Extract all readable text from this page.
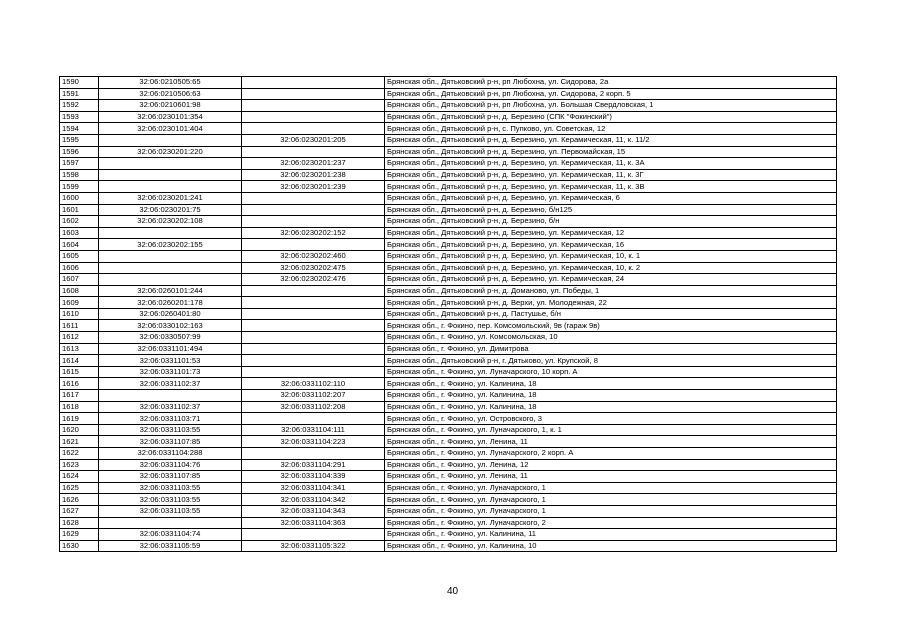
1590	32:06:0210505:65		Брянская обл., Дятьковский р-н, рп Любохна, ул. Сидорова, 2а
1591	32:06:0210506:63		Брянская обл., Дятьковский р-н, рп Любохна, ул. Сидорова, 2 корп. 5
1592	32:06:0210601:98		Брянская обл., Дятьковский р-н, рп Любохна, ул. Большая Свердловская, 1
1593	32:06:0230101:354		Брянская обл., Дятьковский р-н, д. Березино (СПК "Фокинский")
1594	32:06:0230101:404		Брянская обл., Дятьковский р-н, с. Пупково, ул. Советская, 12
1595		32:06:0230201:205	Брянская обл., Дятьковский р-н, д. Березино, ул. Керамическая, 11, к. 11/2
1596	32:06:0230201:220		Брянская обл., Дятьковский р-н, д. Березино, ул. Первомайская, 15
1597		32:06:0230201:237	Брянская обл., Дятьковский р-н, д. Березино, ул. Керамическая, 11, к. 3А
1598		32:06:0230201:238	Брянская обл., Дятьковский р-н, д. Березино, ул. Керамическая, 11, к. 3Г
1599		32:06:0230201:239	Брянская обл., Дятьковский р-н, д. Березино, ул. Керамическая, 11, к. 3В
1600	32:06:0230201:241		Брянская обл., Дятьковский р-н, д. Березино, ул. Керамическая, 6
1601	32:06:0230201:75		Брянская обл., Дятьковский р-н, д. Березино, б/н125
1602	32:06:0230202:108		Брянская обл., Дятьковский р-н, д. Березино, б/н
1603		32:06:0230202:152	Брянская обл., Дятьковский р-н, д. Березино, ул. Керамическая, 12
1604	32:06:0230202:155		Брянская обл., Дятьковский р-н, д. Березино, ул. Керамическая, 16
1605		32:06:0230202:460	Брянская обл., Дятьковский р-н, д. Березино, ул. Керамическая, 10, к. 1
1606		32:06:0230202:475	Брянская обл., Дятьковский р-н, д. Березино, ул. Керамическая, 10, к. 2
1607		32:06:0230202:476	Брянская обл., Дятьковский р-н, д. Березино, ул. Керамическая, 24
1608	32:06:0260101:244		Брянская обл., Дятьковский р-н, д. Доманово, ул. Победы, 1
1609	32:06:0260201:178		Брянская обл., Дятьковский р-н, д. Верхи, ул. Молодежная, 22
1610	32:06:0260401:80		Брянская обл., Дятьковский р-н, д. Пастушье, б/н
1611	32:06:0330102:163		Брянская обл., г. Фокино, пер. Комсомольский, 9в (гараж 9в)
1612	32:06:0330507:99		Брянская обл., г. Фокино, ул. Комсомольская, 10
1613	32:06:0331101:494		Брянская обл., г. Фокино, ул. Димитрова
1614	32:06:0331101:53		Брянская обл., Дятьковский р-н, г. Дятьково, ул. Крупской, 8
1615	32:06:0331101:73		Брянская обл., г. Фокино, ул. Луначарского, 10 корп. А
1616	32:06:0331102:37	32:06:0331102:110	Брянская обл., г. Фокино, ул. Калинина, 18
1617		32:06:0331102:207	Брянская обл., г. Фокино, ул. Калинина, 18
1618	32:06:0331102:37	32:06:0331102:208	Брянская обл., г. Фокино, ул. Калинина, 18
1619	32:06:0331103:71		Брянская обл., г. Фокино, ул. Островского, 3
1620	32:06:0331103:55	32:06:0331104:111	Брянская обл., г. Фокино, ул. Луначарского, 1, к. 1
1621	32:06:0331107:85	32:06:0331104:223	Брянская обл., г. Фокино, ул. Ленина, 11
1622	32:06:0331104:288		Брянская обл., г. Фокино, ул. Луначарского, 2 корп. А
1623	32:06:0331104:76	32:06:0331104:291	Брянская обл., г. Фокино, ул. Ленина, 12
1624	32:06:0331107:85	32:06:0331104:339	Брянская обл., г. Фокино, ул. Ленина, 11
1625	32:06:0331103:55	32:06:0331104:341	Брянская обл., г. Фокино, ул. Луначарского, 1
1626	32:06:0331103:55	32:06:0331104:342	Брянская обл., г. Фокино, ул. Луначарского, 1
1627	32:06:0331103:55	32:06:0331104:343	Брянская обл., г. Фокино, ул. Луначарского, 1
1628		32:06:0331104:363	Брянская обл., г. Фокино, ул. Луначарского, 2
1629	32:06:0331104:74		Брянская обл., г. Фокино, ул. Калинина, 11
1630	32:06:0331105:59	32:06:0331105:322	Брянская обл., г. Фокино, ул. Калинина, 10
40
